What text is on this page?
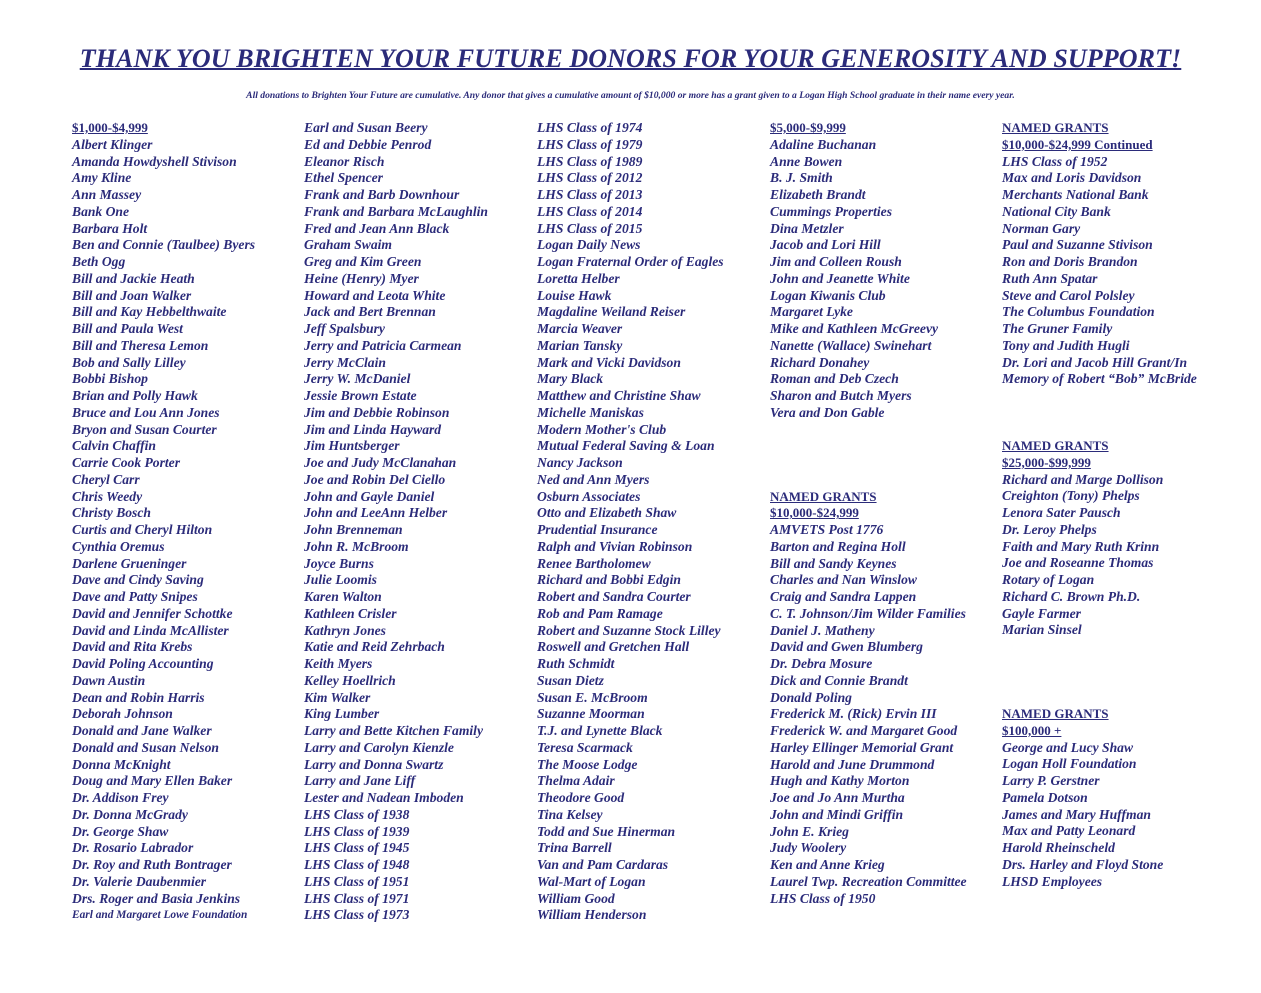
THANK YOU BRIGHTEN YOUR FUTURE DONORS FOR YOUR GENEROSITY AND SUPPORT!
All donations to Brighten Your Future are cumulative. Any donor that gives a cumulative amount of $10,000 or more has a grant given to a Logan High School graduate in their name every year.
$1,000-$4,999
Albert Klinger
Amanda Howdyshell Stivison
Amy Kline
Ann Massey
Bank One
Barbara Holt
Ben and Connie (Taulbee) Byers
Beth Ogg
Bill and Jackie Heath
Bill and Joan Walker
Bill and Kay Hebbelthwaite
Bill and Paula West
Bill and Theresa Lemon
Bob and Sally Lilley
Bobbi Bishop
Brian and Polly Hawk
Bruce and Lou Ann Jones
Bryon and Susan Courter
Calvin Chaffin
Carrie Cook Porter
Cheryl Carr
Chris Weedy
Christy Bosch
Curtis and Cheryl Hilton
Cynthia Oremus
Darlene Grueninger
Dave and Cindy Saving
Dave and Patty Snipes
David and Jennifer Schottke
David and Linda McAllister
David and Rita Krebs
David Poling Accounting
Dawn Austin
Dean and Robin Harris
Deborah Johnson
Donald and Jane Walker
Donald and Susan Nelson
Donna McKnight
Doug and Mary Ellen Baker
Dr. Addison Frey
Dr. Donna McGrady
Dr. George Shaw
Dr. Rosario Labrador
Dr. Roy and Ruth Bontrager
Dr. Valerie Daubenmier
Drs. Roger and Basia Jenkins
Earl and Margaret Lowe Foundation
Earl and Susan Beery
Ed and Debbie Penrod
Eleanor Risch
Ethel Spencer
Frank and Barb Downhour
Frank and Barbara McLaughlin
Fred and Jean Ann Black
Graham Swaim
Greg and Kim Green
Heine (Henry) Myer
Howard and Leota White
Jack and Bert Brennan
Jeff Spalsbury
Jerry and Patricia Carmean
Jerry McClain
Jerry W. McDaniel
Jessie Brown Estate
Jim and Debbie Robinson
Jim and Linda Hayward
Jim Huntsberger
Joe and Judy McClanahan
Joe and Robin Del Ciello
John and Gayle Daniel
John and LeeAnn Helber
John Brenneman
John R. McBroom
Joyce Burns
Julie Loomis
Karen Walton
Kathleen Crisler
Kathryn Jones
Katie and Reid Zehrbach
Keith Myers
Kelley Hoellrich
Kim Walker
King Lumber
Larry and Bette Kitchen Family
Larry and Carolyn Kienzle
Larry and Donna Swartz
Larry and Jane Liff
Lester and Nadean Imboden
LHS Class of 1938
LHS Class of 1939
LHS Class of 1945
LHS Class of 1948
LHS Class of 1951
LHS Class of 1971
LHS Class of 1973
LHS Class of 1974
LHS Class of 1979
LHS Class of 1989
LHS Class of 2012
LHS Class of 2013
LHS Class of 2014
LHS Class of 2015
Logan Daily News
Logan Fraternal Order of Eagles
Loretta Helber
Louise Hawk
Magdaline Weiland Reiser
Marcia Weaver
Marian Tansky
Mark and Vicki Davidson
Mary Black
Matthew and Christine Shaw
Michelle Maniskas
Modern Mother's Club
Mutual Federal Saving & Loan
Nancy Jackson
Ned and Ann Myers
Osburn Associates
Otto and Elizabeth Shaw
Prudential Insurance
Ralph and Vivian Robinson
Renee Bartholomew
Richard and Bobbi Edgin
Robert and Sandra Courter
Rob and Pam Ramage
Robert and Suzanne Stock Lilley
Roswell and Gretchen Hall
Ruth Schmidt
Susan Dietz
Susan E. McBroom
Suzanne Moorman
T.J. and Lynette Black
Teresa Scarmack
The Moose Lodge
Thelma Adair
Theodore Good
Tina Kelsey
Todd and Sue Hinerman
Trina Barrell
Van and Pam Cardaras
Wal-Mart of Logan
William Good
William Henderson
$5,000-$9,999
Adaline Buchanan
Anne Bowen
B. J. Smith
Elizabeth Brandt
Cummings Properties
Dina Metzler
Jacob and Lori Hill
Jim and Colleen Roush
John and Jeanette White
Logan Kiwanis Club
Margaret Lyke
Mike and Kathleen McGreevy
Nanette (Wallace) Swinehart
Richard Donahey
Roman and Deb Czech
Sharon and Butch Myers
Vera and Don Gable
NAMED GRANTS
$10,000-$24,999
AMVETS Post 1776
Barton and Regina Holl
Bill and Sandy Keynes
Charles and Nan Winslow
Craig and Sandra Lappen
C. T. Johnson/Jim Wilder Families
Daniel J. Matheny
David and Gwen Blumberg
Dr. Debra Mosure
Dick and Connie Brandt
Donald Poling
Frederick M. (Rick) Ervin III
Frederick W. and Margaret Good
Harley Ellinger Memorial Grant
Harold and June Drummond
Hugh and Kathy Morton
Joe and Jo Ann Murtha
John and Mindi Griffin
John E. Krieg
Judy Woolery
Ken and Anne Krieg
Laurel Twp. Recreation Committee
LHS Class of 1950
NAMED GRANTS
$10,000-$24,999 Continued
LHS Class of 1952
Max and Loris Davidson
Merchants National Bank
National City Bank
Norman Gary
Paul and Suzanne Stivison
Ron and Doris Brandon
Ruth Ann Spatar
Steve and Carol Polsley
The Columbus Foundation
The Gruner Family
Tony and Judith Hugli
Dr. Lori and Jacob Hill Grant/In
Memory of Robert “Bob” McBride
NAMED GRANTS
$25,000-$99,999
Richard and Marge Dollison
Creighton (Tony) Phelps
Lenora Sater Pausch
Dr. Leroy Phelps
Faith and Mary Ruth Krinn
Joe and Roseanne Thomas
Rotary of Logan
Richard C. Brown Ph.D.
Gayle Farmer
Marian Sinsel
NAMED GRANTS
$100,000 +
George and Lucy Shaw
Logan Holl Foundation
Larry P. Gerstner
Pamela Dotson
James and Mary Huffman
Max and Patty Leonard
Harold Rheinscheld
Drs. Harley and Floyd Stone
LHSD Employees
